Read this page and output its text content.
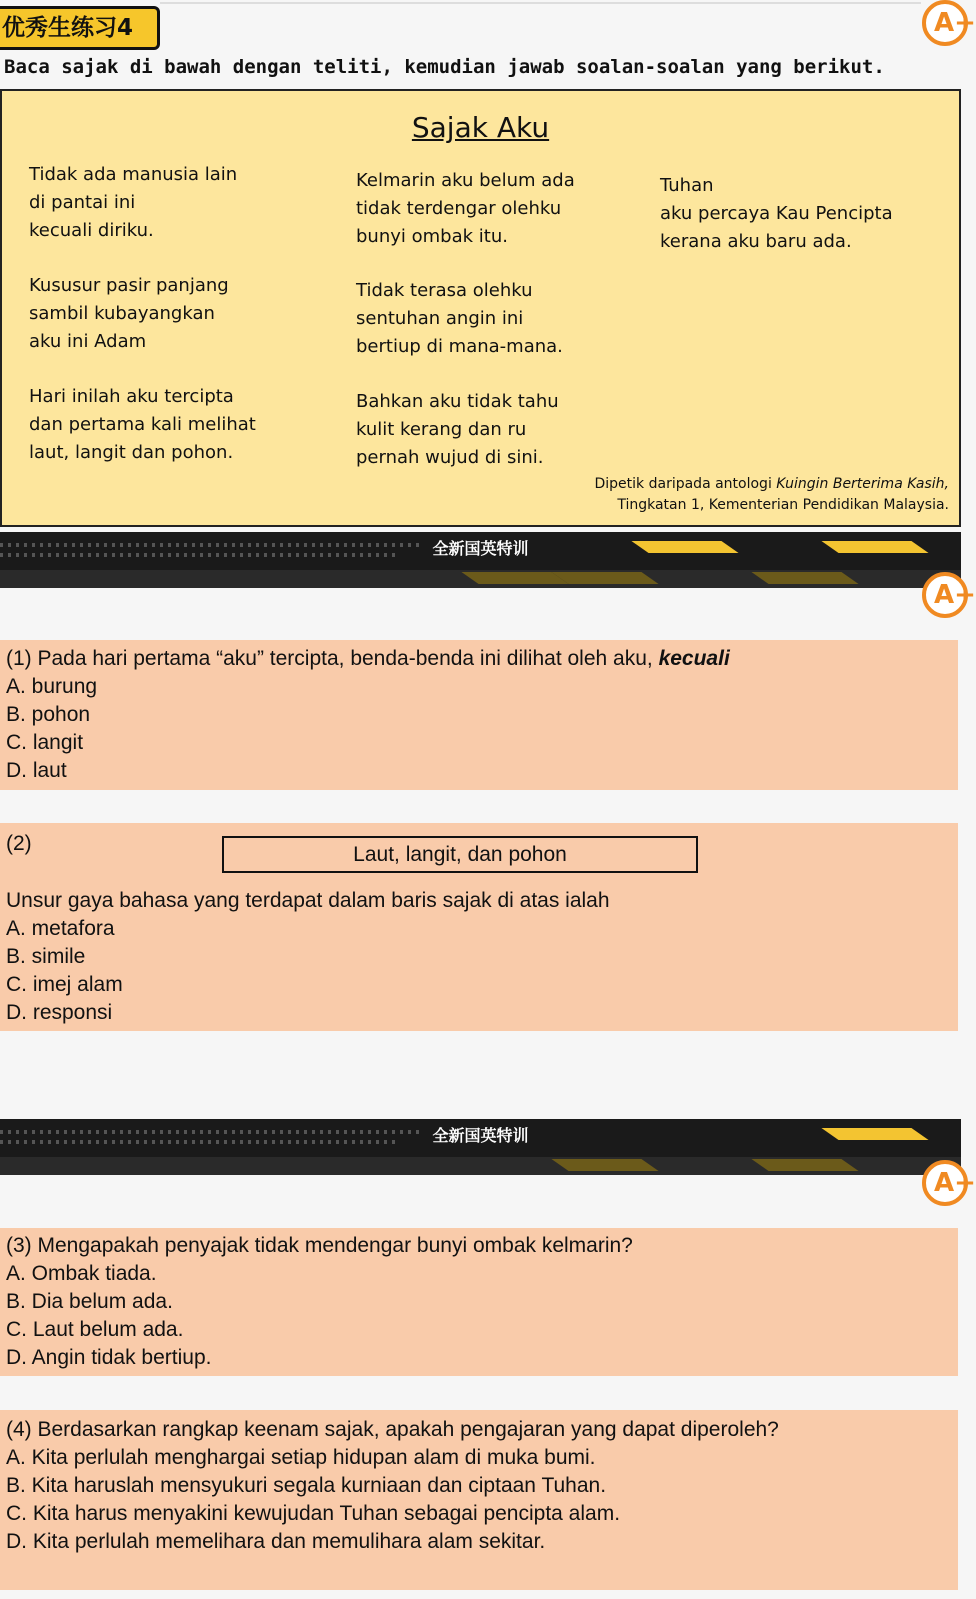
优秀生练习4	A+
Baca sajak di bawah dengan teliti, kemudian jawab soalan-soalan yang berikut.
Sajak Aku
Tidak ada manusia lain
di pantai ini
kecuali diriku.
Kususur pasir panjang
sambil kubayangkan
aku ini Adam
Hari inilah aku tercipta
dan pertama kali melihat
laut, langit dan pohon.
Kelmarin aku belum ada
tidak terdengar olehku
bunyi ombak itu.
Tidak terasa olehku
sentuhan angin ini
bertiup di mana-mana.
Bahkan aku tidak tahu
kulit kerang dan ru
pernah wujud di sini.
Tuhan
aku percaya Kau Pencipta
kerana aku baru ada.
Dipetik daripada antologi Kuingin Berterima Kasih,
Tingkatan 1, Kementerian Pendidikan Malaysia.
全新国英特训
A+
(1) Pada hari pertama “aku” tercipta, benda-benda ini dilihat oleh aku, kecuali
A. burung
B. pohon
C. langit
D. laut
(2)	Laut, langit, dan pohon
Unsur gaya bahasa yang terdapat dalam baris sajak di atas ialah
A. metafora
B. simile
C. imej alam
D. responsi
全新国英特训
A+
(3) Mengapakah penyajak tidak mendengar bunyi ombak kelmarin?
A. Ombak tiada.
B. Dia belum ada.
C. Laut belum ada.
D. Angin tidak bertiup.
(4) Berdasarkan rangkap keenam sajak, apakah pengajaran yang dapat diperoleh?
A. Kita perlulah menghargai setiap hidupan alam di muka bumi.
B. Kita haruslah mensyukuri segala kurniaan dan ciptaan Tuhan.
C. Kita harus menyakini kewujudan Tuhan sebagai pencipta alam.
D. Kita perlulah memelihara dan memulihara alam sekitar.
